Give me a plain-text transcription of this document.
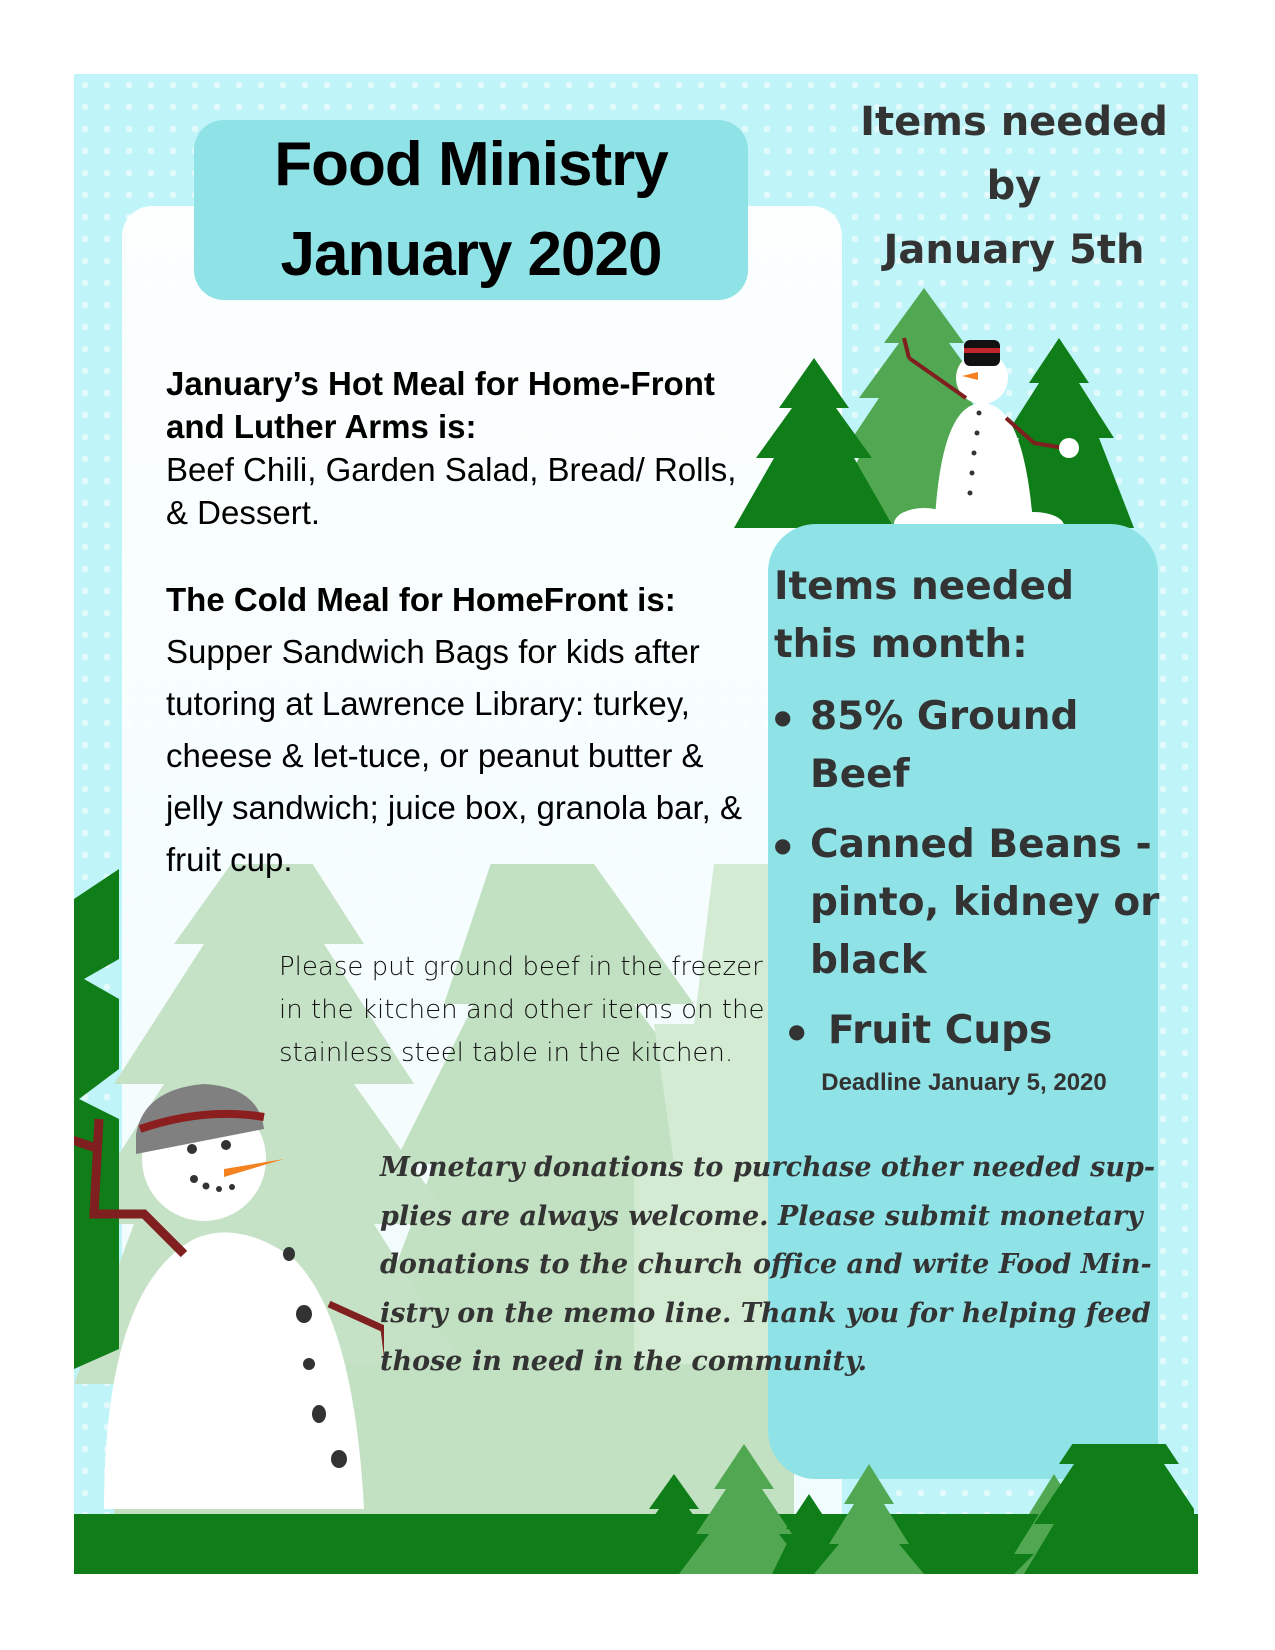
Food Ministry
January 2020
Items needed
by
January 5th
January’s Hot Meal for Home-Front and Luther Arms is:
Beef Chili, Garden Salad, Bread/ Rolls, & Dessert.
The Cold Meal for HomeFront is: Supper Sandwich Bags for kids after tutoring at Lawrence Library: turkey, cheese & let-tuce, or peanut butter & jelly sandwich; juice box, granola bar, & fruit cup.
Please put ground beef in the freezer in the kitchen and other items on the stainless steel table in the kitchen.
Items needed this month:
● 85% Ground Beef
● Canned Beans - pinto, kidney or black
● Fruit Cups
Deadline January 5, 2020
Monetary donations to purchase other needed sup-plies are always welcome. Please submit monetary donations to the church office and write Food Min-istry on the memo line. Thank you for helping feed those in need in the community.
